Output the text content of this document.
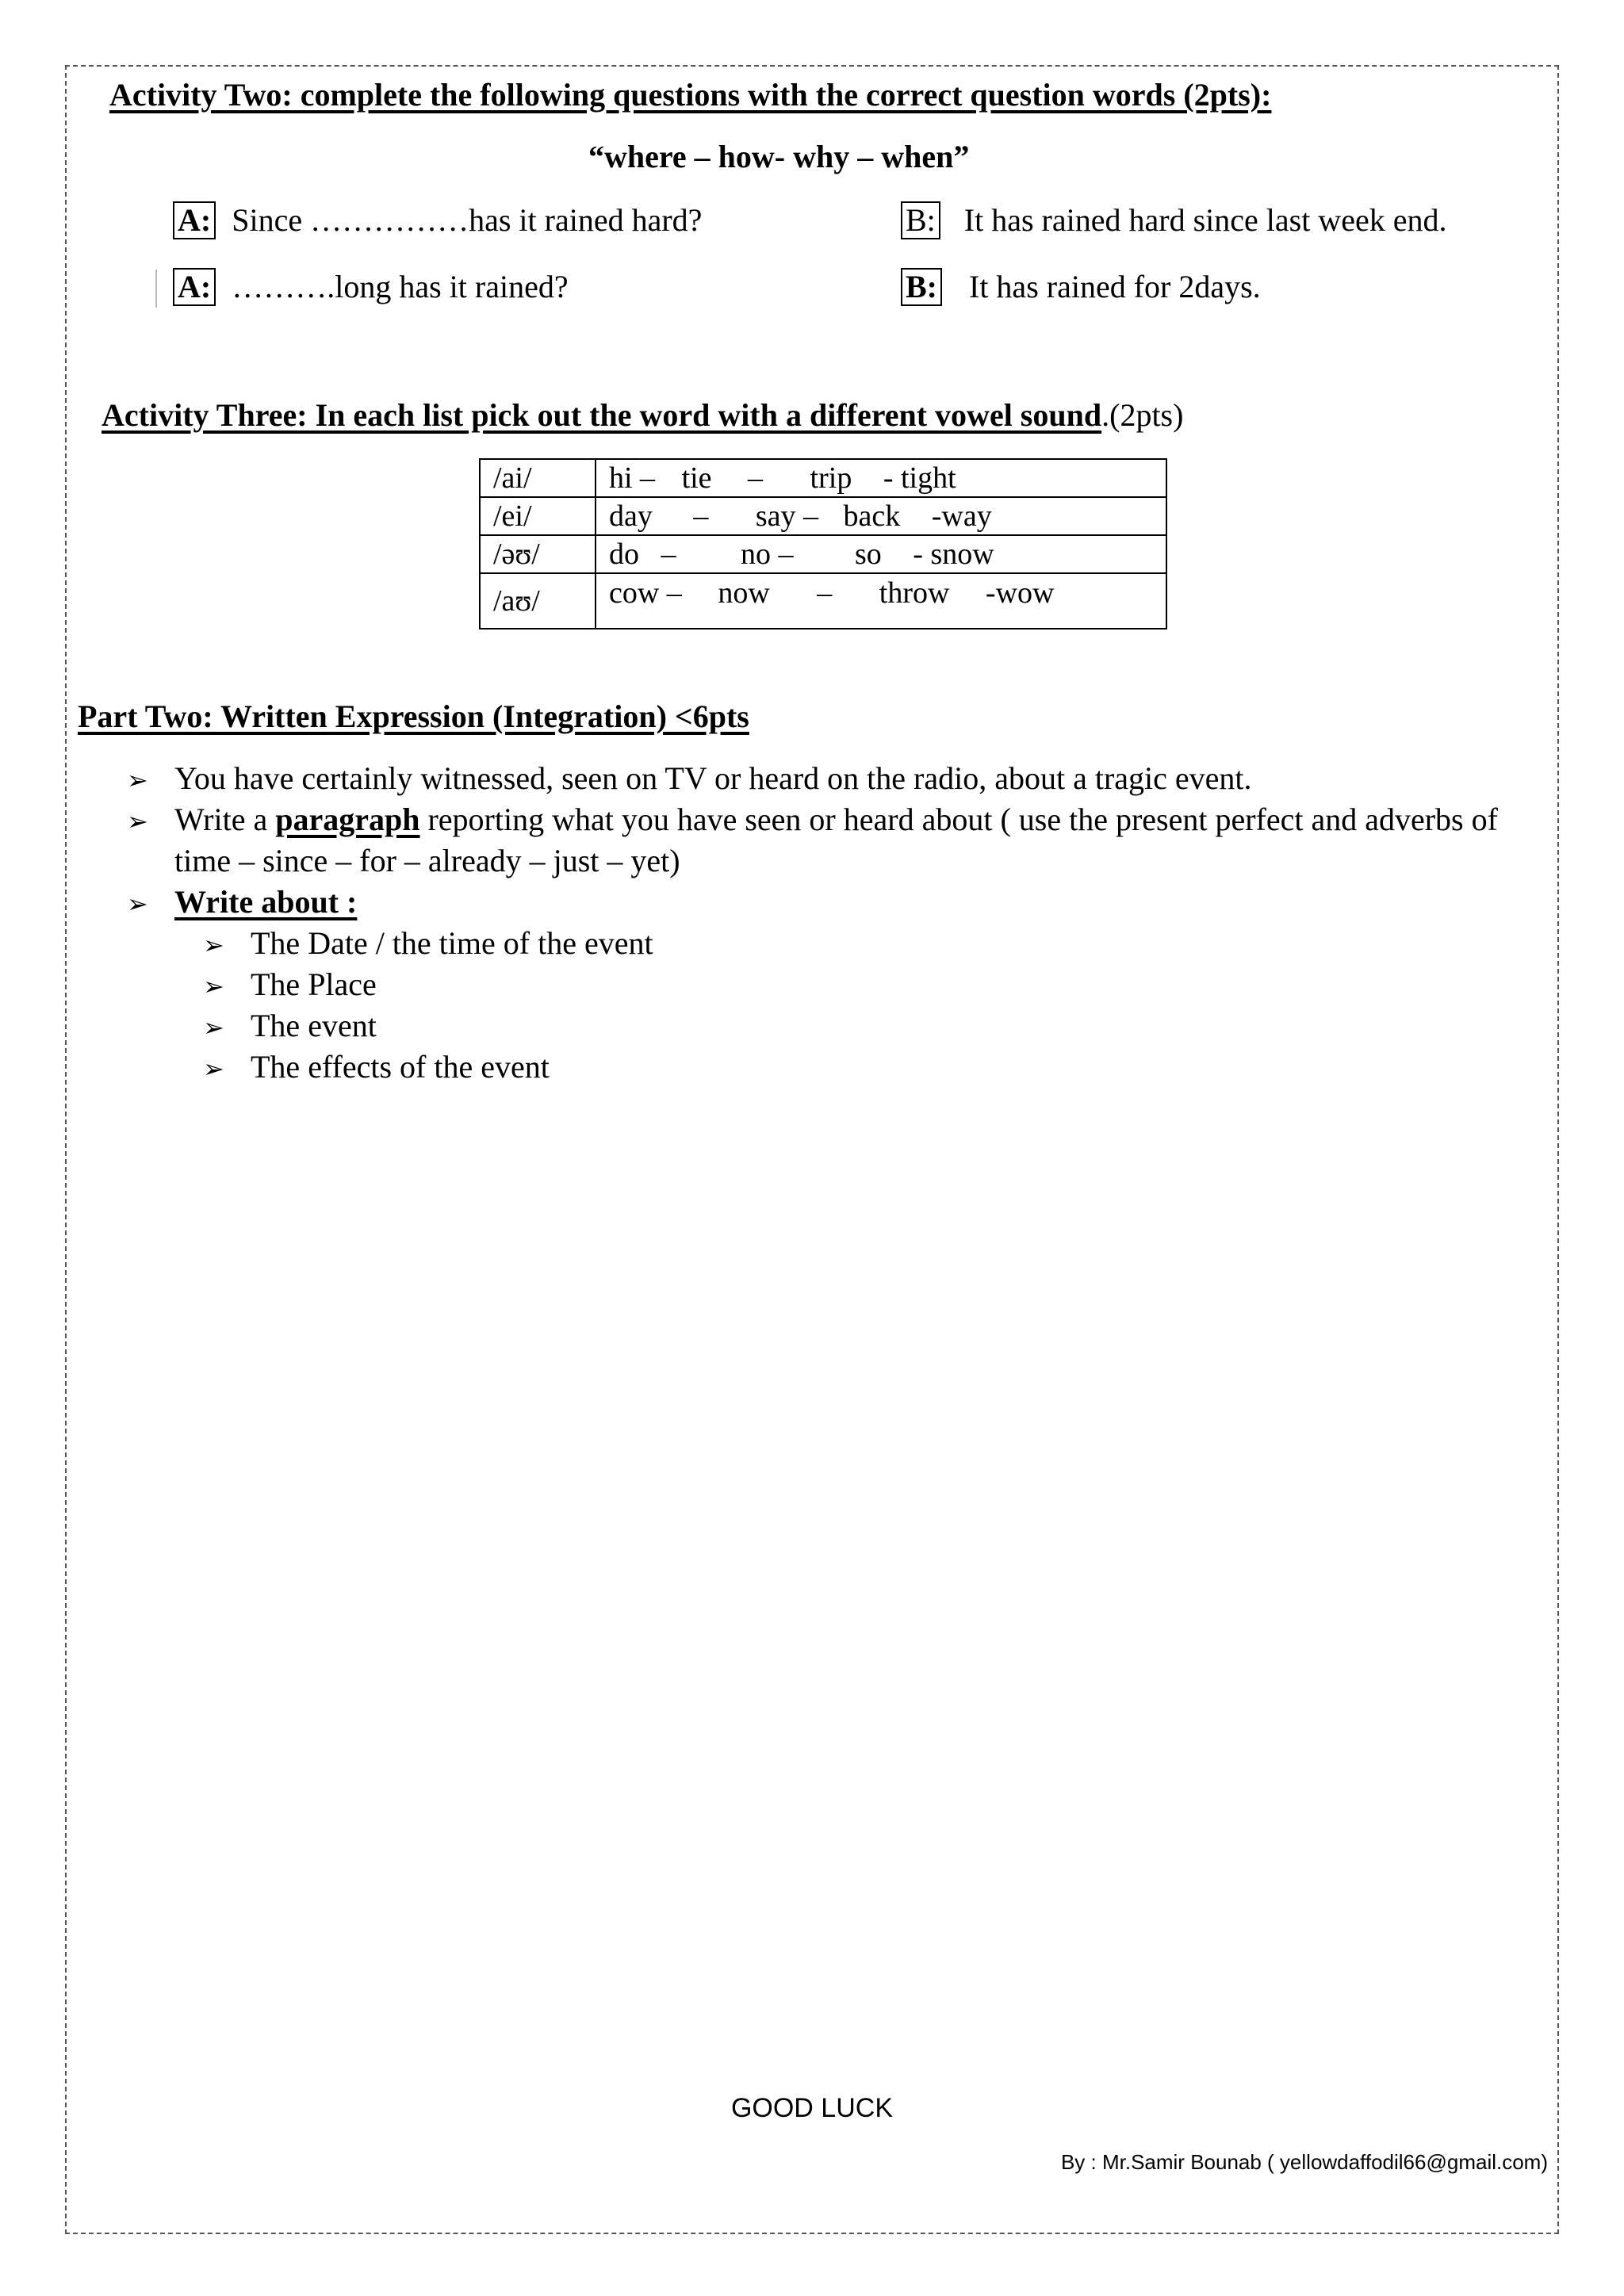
Activity Two: complete the following questions with the correct question words (2pts):
“where – how- why – when”
A: Since ……………has it rained hard?	B: It has rained hard since last week end.
A: ……….long has it rained?	B: It has rained for 2days.
Activity Three: In each list pick out the word with a different vowel sound.(2pts)
/ai/	hi – tie – trip - tight
/ei/	day – say – back -way
/əʊ/	do – no – so - snow
/aʊ/	cow – now – throw -wow
Part Two: Written Expression (Integration) <6pts
➢ You have certainly witnessed, seen on TV or heard on the radio, about a tragic event.
➢ Write a paragraph reporting what you have seen or heard about ( use the present perfect and adverbs of
time – since – for – already – just – yet)
➢ Write about :
➢ The Date / the time of the event
➢ The Place
➢ The event
➢ The effects of the event
GOOD LUCK
By : Mr.Samir Bounab ( yellowdaffodil66@gmail.com)
